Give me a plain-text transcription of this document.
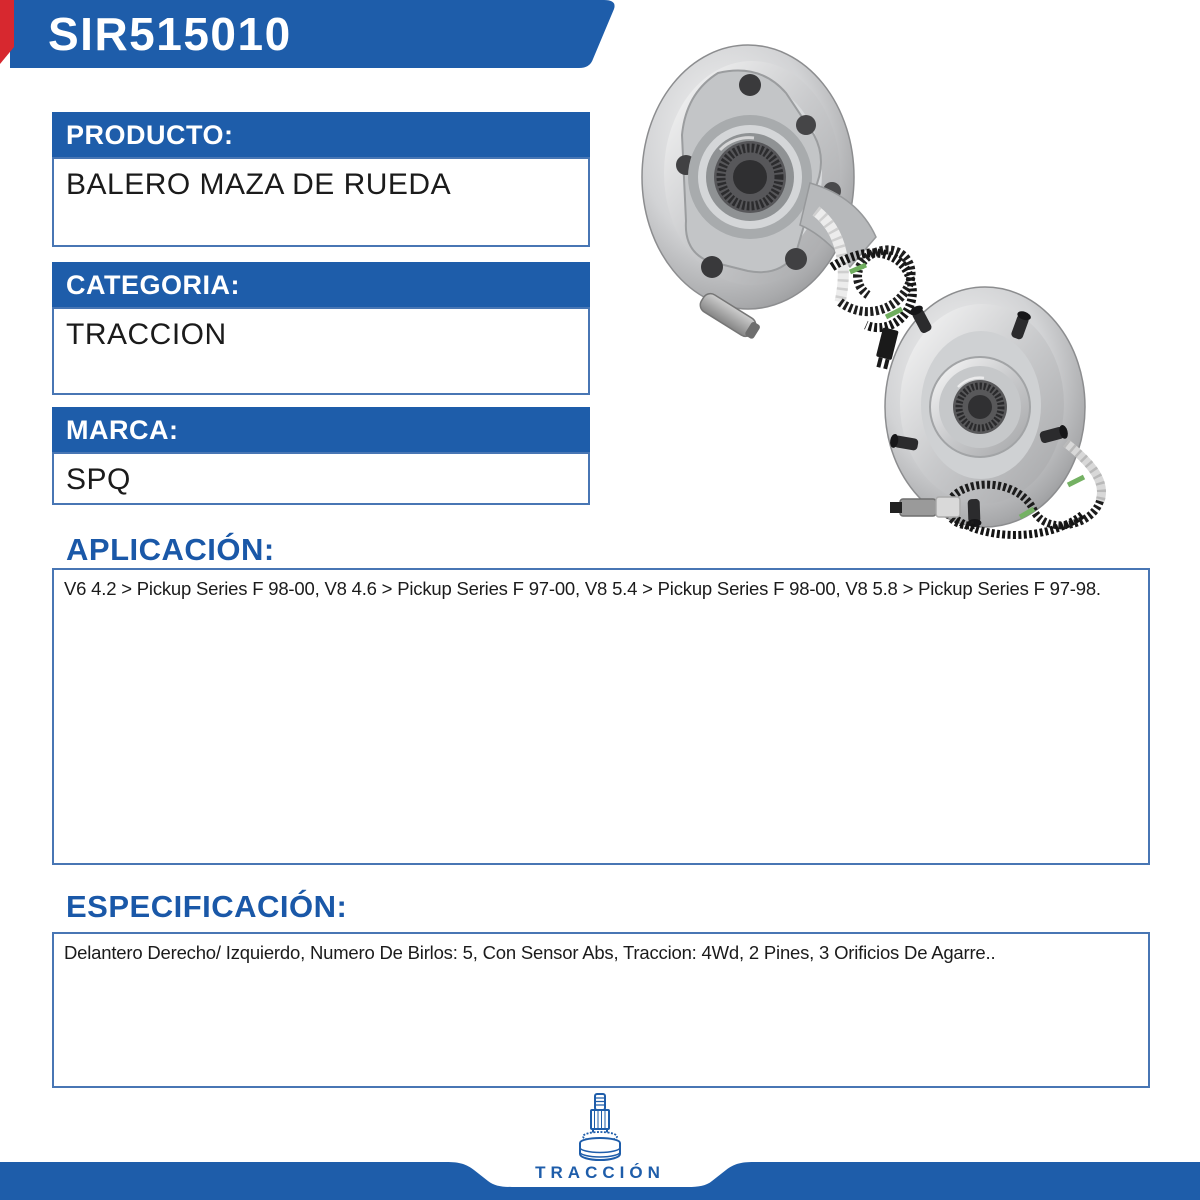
SIR515010
PRODUCTO:
BALERO MAZA DE RUEDA
CATEGORIA:
TRACCION
MARCA:
SPQ
APLICACIÓN:
V6 4.2 > Pickup Series F 98-00, V8 4.6 > Pickup Series F 97-00, V8 5.4 > Pickup Series F 98-00, V8 5.8 > Pickup Series F 97-98.
ESPECIFICACIÓN:
Delantero Derecho/ Izquierdo, Numero De Birlos: 5, Con Sensor Abs, Traccion: 4Wd, 2 Pines, 3 Orificios De Agarre..
TRACCIÓN
